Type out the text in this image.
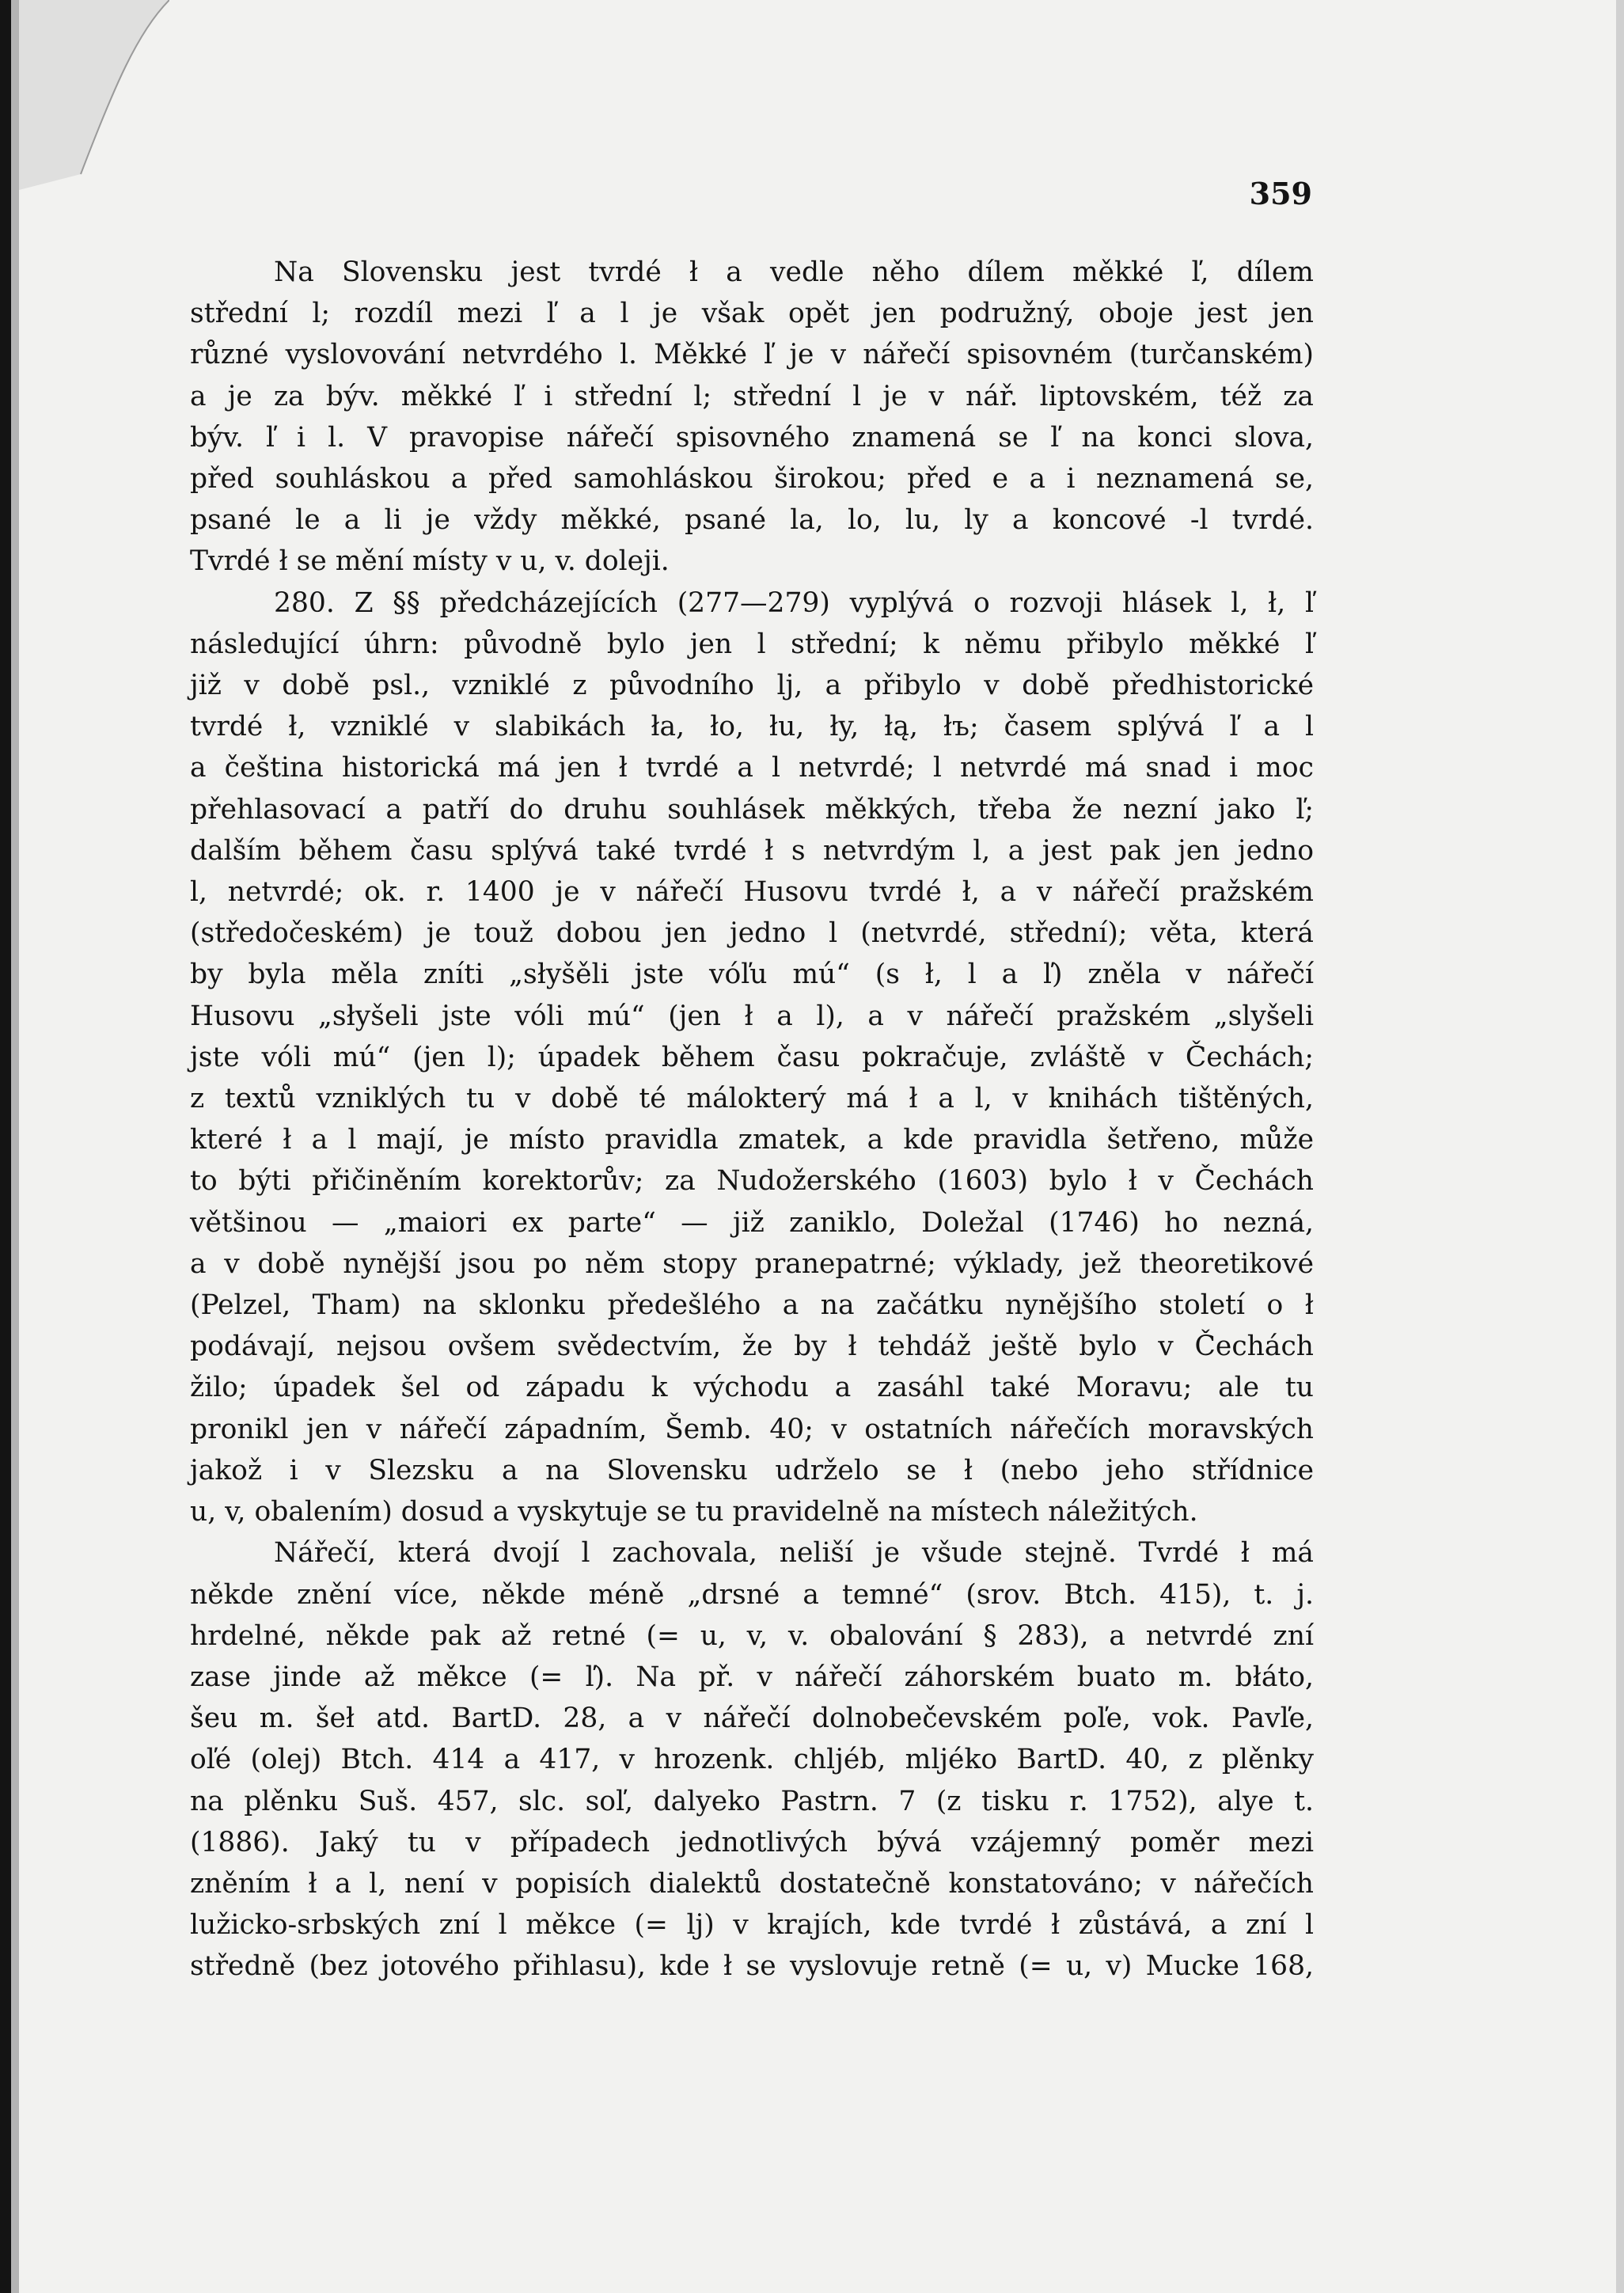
359

Na Slovensku jest tvrdé ł a vedle něho dílem měkké ľ, dílem
střední l; rozdíl mezi ľ a l je však opět jen podružný, oboje jest jen
různé vyslovování netvrdého l. Měkké ľ je v nářečí spisovném (turčanském)
a je za býv. měkké ľ i střední l; střední l je v nář. liptovském, též za
býv. ľ i l. V pravopise nářečí spisovného znamená se ľ na konci slova,
před souhláskou a před samohláskou širokou; před e a i neznamená se,
psané le a li je vždy měkké, psané la, lo, lu, ly a koncové -l tvrdé.
Tvrdé ł se mění místy v u, v. doleji.

280. Z §§ předcházejících (277—279) vyplývá o rozvoji hlásek l, ł, ľ
následující úhrn: původně bylo jen l střední; k němu přibylo měkké ľ
již v době psl., vzniklé z původního lj, a přibylo v době předhistorické
tvrdé ł, vzniklé v slabikách ła, ło, łu, ły, łą, łъ; časem splývá ľ a l
a čeština historická má jen ł tvrdé a l netvrdé; l netvrdé má snad i moc
přehlasovací a patří do druhu souhlásek měkkých, třeba že nezní jako ľ;
dalším během času splývá také tvrdé ł s netvrdým l, a jest pak jen jedno
l, netvrdé; ok. r. 1400 je v nářečí Husovu tvrdé ł, a v nářečí pražském
(středočeském) je touž dobou jen jedno l (netvrdé, střední); věta, která
by byla měla zníti „słyšěli jste vóľu mú“ (s ł, l a ľ) zněla v nářečí
Husovu „słyšeli jste vóli mú“ (jen ł a l), a v nářečí pražském „slyšeli
jste vóli mú“ (jen l); úpadek během času pokračuje, zvláště v Čechách;
z textů vzniklých tu v době té málokterý má ł a l, v knihách tištěných,
které ł a l mají, je místo pravidla zmatek, a kde pravidla šetřeno, může
to býti přičiněním korektorův; za Nudožerského (1603) bylo ł v Čechách
většinou — „maiori ex parte“ — již zaniklo, Doležal (1746) ho nezná,
a v době nynější jsou po něm stopy pranepatrné; výklady, jež theoretikové
(Pelzel, Tham) na sklonku předešlého a na začátku nynějšího století o ł
podávají, nejsou ovšem svědectvím, že by ł tehdáž ještě bylo v Čechách
žilo; úpadek šel od západu k východu a zasáhl také Moravu; ale tu
pronikl jen v nářečí západním, Šemb. 40; v ostatních nářečích moravských
jakož i v Slezsku a na Slovensku udrželo se ł (nebo jeho střídnice
u, v, obalením) dosud a vyskytuje se tu pravidelně na místech náležitých.

Nářečí, která dvojí l zachovala, neliší je všude stejně. Tvrdé ł má
někde znění více, někde méně „drsné a temné“ (srov. Btch. 415), t. j.
hrdelné, někde pak až retné (= u, v, v. obalování § 283), a netvrdé zní
zase jinde až měkce (= ľ). Na př. v nářečí záhorském buato m. błáto,
šeu m. šeł atd. BartD. 28, a v nářečí dolnobečevském poľe, vok. Pavľe,
oľé (olej) Btch. 414 a 417, v hrozenk. chljéb, mljéko BartD. 40, z plěnky
na plěnku Suš. 457, slc. soľ, dalyeko Pastrn. 7 (z tisku r. 1752), alye t.
(1886). Jaký tu v případech jednotlivých bývá vzájemný poměr mezi
zněním ł a l, není v popisích dialektů dostatečně konstatováno; v nářečích
lužicko-srbských zní l měkce (= lj) v krajích, kde tvrdé ł zůstává, a zní l
středně (bez jotového přihlasu), kde ł se vyslovuje retně (= u, v) Mucke 168,
